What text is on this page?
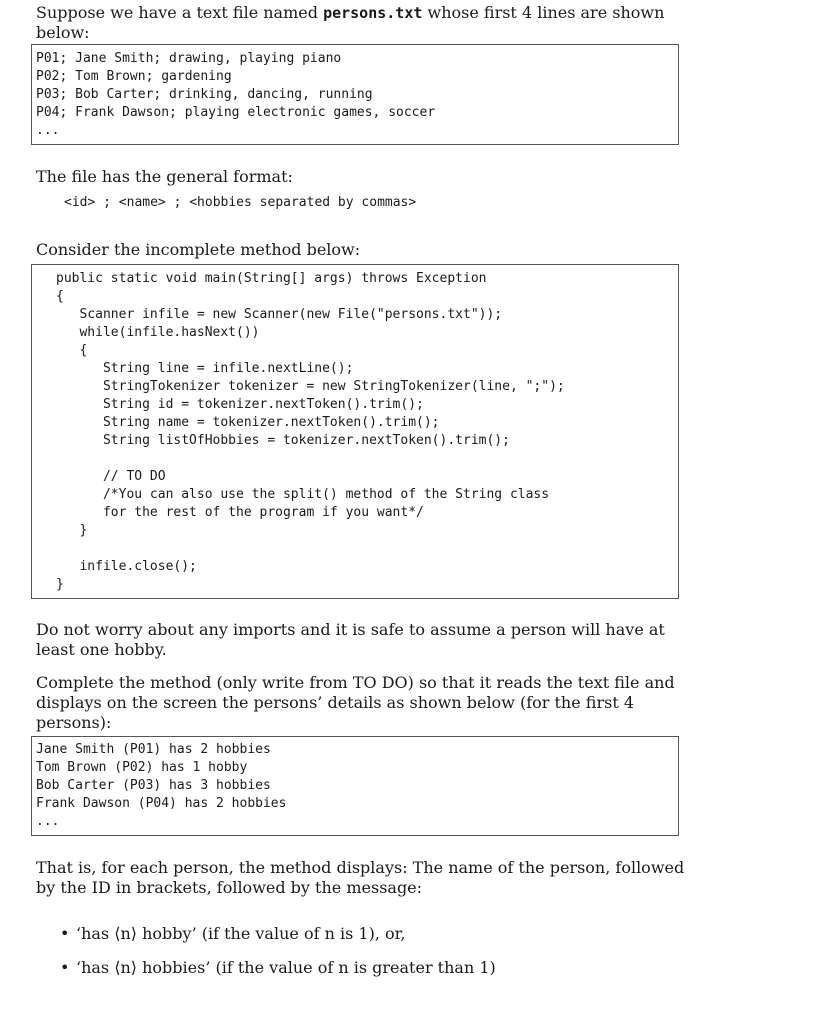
Suppose we have a text file named persons.txt whose first 4 lines are shown below:

P01; Jane Smith; drawing, playing piano
P02; Tom Brown; gardening
P03; Bob Carter; drinking, dancing, running
P04; Frank Dawson; playing electronic games, soccer
...

The file has the general format:

<id> ; <name> ; <hobbies separated by commas>

Consider the incomplete method below:

public static void main(String[] args) throws Exception
{
Scanner infile = new Scanner(new File("persons.txt"));
while(infile.hasNext())
{
String line = infile.nextLine();
StringTokenizer tokenizer = new StringTokenizer(line, ";");
String id = tokenizer.nextToken().trim();
String name = tokenizer.nextToken().trim();
String listOfHobbies = tokenizer.nextToken().trim();
// TO DO
/*You can also use the split() method of the String class
for the rest of the program if you want*/
}
infile.close();
}

Do not worry about any imports and it is safe to assume a person will have at least one hobby.

Complete the method (only write from TO DO) so that it reads the text file and displays on the screen the persons’ details as shown below (for the first 4 persons):

Jane Smith (P01) has 2 hobbies
Tom Brown (P02) has 1 hobby
Bob Carter (P03) has 3 hobbies
Frank Dawson (P04) has 2 hobbies
...

That is, for each person, the method displays: The name of the person, followed by the ID in brackets, followed by the message:

• ‘has ⟨n⟩ hobby’ (if the value of n is 1), or,
• ‘has ⟨n⟩ hobbies’ (if the value of n is greater than 1)
